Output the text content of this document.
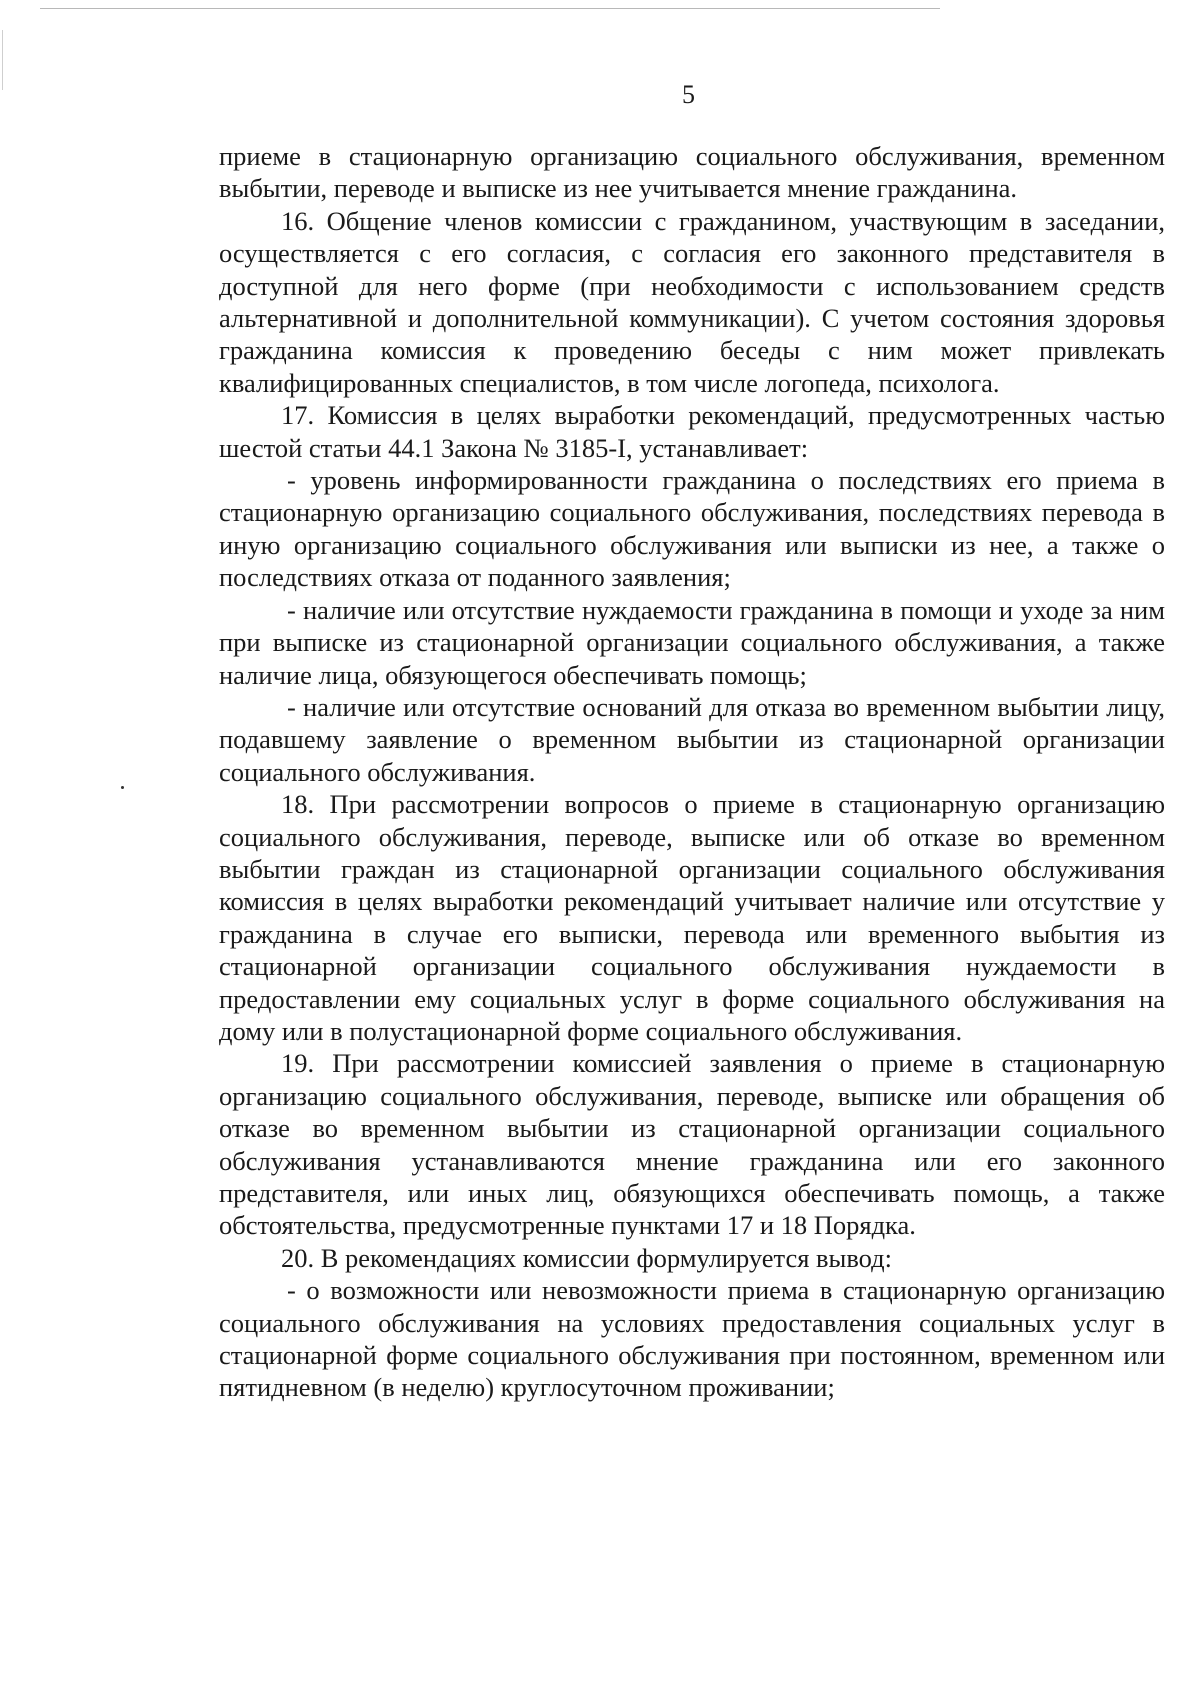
5

приеме в стационарную организацию социального обслуживания, временном выбытии, переводе и выписке из нее учитывается мнение гражданина.

16. Общение членов комиссии с гражданином, участвующим в заседании, осуществляется с его согласия, с согласия его законного представителя в доступной для него форме (при необходимости с использованием средств альтернативной и дополнительной коммуникации). С учетом состояния здоровья гражданина комиссия к проведению беседы с ним может привлекать квалифицированных специалистов, в том числе логопеда, психолога.

17. Комиссия в целях выработки рекомендаций, предусмотренных частью шестой статьи 44.1 Закона № 3185-I, устанавливает:

- уровень информированности гражданина о последствиях его приема в стационарную организацию социального обслуживания, последствиях перевода в иную организацию социального обслуживания или выписки из нее, а также о последствиях отказа от поданного заявления;

- наличие или отсутствие нуждаемости гражданина в помощи и уходе за ним при выписке из стационарной организации социального обслуживания, а также наличие лица, обязующегося обеспечивать помощь;

- наличие или отсутствие оснований для отказа во временном выбытии лицу, подавшему заявление о временном выбытии из стационарной организации социального обслуживания.

18. При рассмотрении вопросов о приеме в стационарную организацию социального обслуживания, переводе, выписке или об отказе во временном выбытии граждан из стационарной организации социального обслуживания комиссия в целях выработки рекомендаций учитывает наличие или отсутствие у гражданина в случае его выписки, перевода или временного выбытия из стационарной организации социального обслуживания нуждаемости в предоставлении ему социальных услуг в форме социального обслуживания на дому или в полустационарной форме социального обслуживания.

19. При рассмотрении комиссией заявления о приеме в стационарную организацию социального обслуживания, переводе, выписке или обращения об отказе во временном выбытии из стационарной организации социального обслуживания устанавливаются мнение гражданина или его законного представителя, или иных лиц, обязующихся обеспечивать помощь, а также обстоятельства, предусмотренные пунктами 17 и 18 Порядка.

20. В рекомендациях комиссии формулируется вывод:

- о возможности или невозможности приема в стационарную организацию социального обслуживания на условиях предоставления социальных услуг в стационарной форме социального обслуживания при постоянном, временном или пятидневном (в неделю) круглосуточном проживании;
